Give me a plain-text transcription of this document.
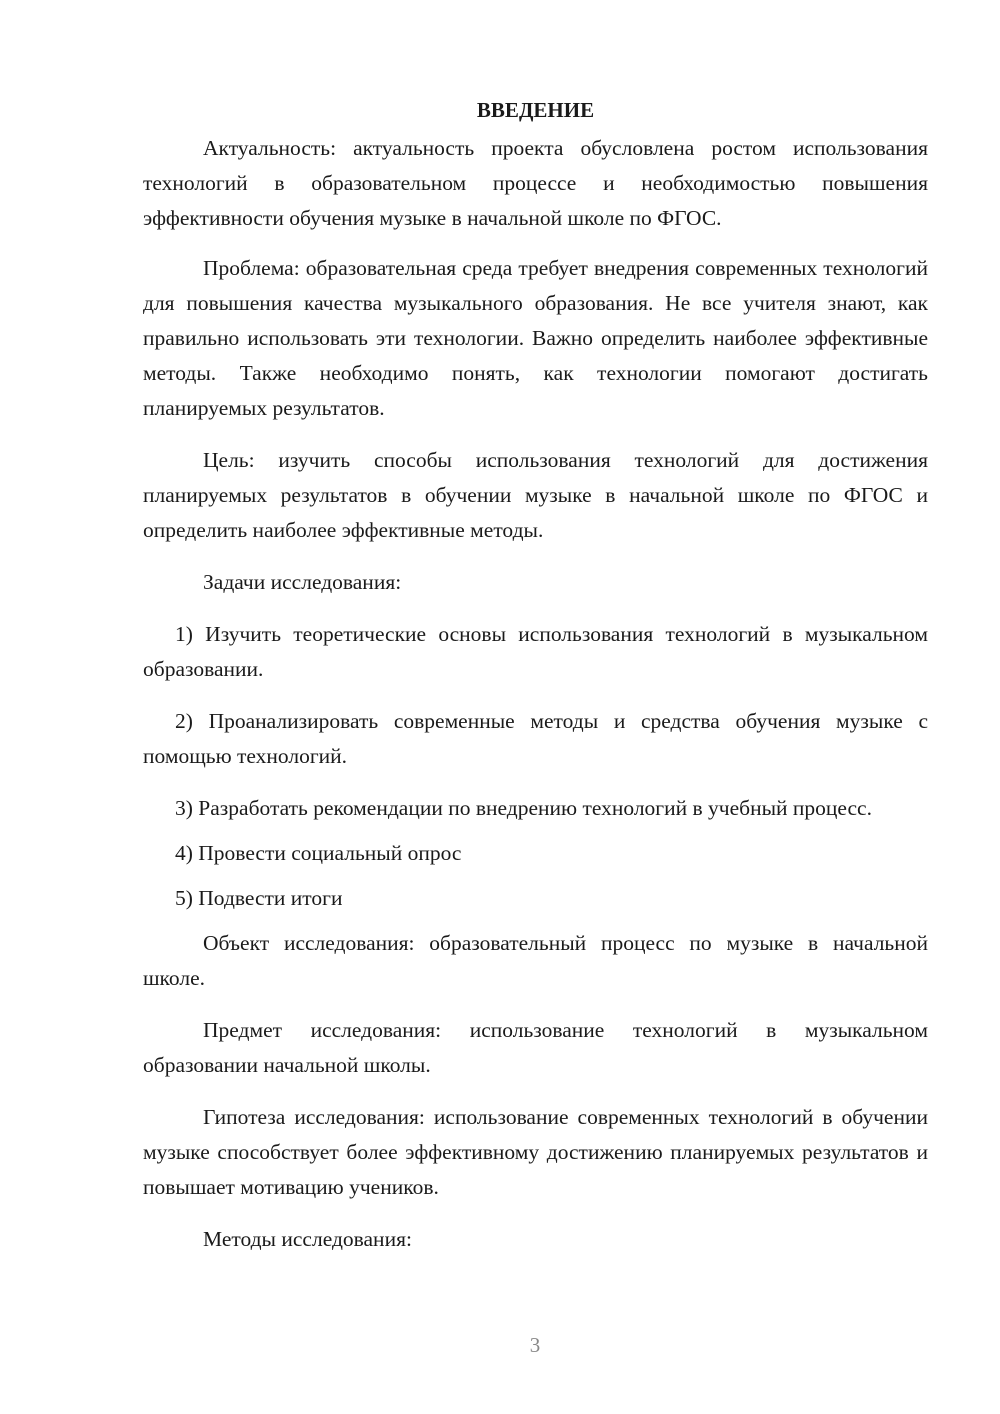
ВВЕДЕНИЕ

Актуальность: актуальность проекта обусловлена ростом использования технологий в образовательном процессе и необходимостью повышения эффективности обучения музыке в начальной школе по ФГОС.

Проблема: образовательная среда требует внедрения современных технологий для повышения качества музыкального образования. Не все учителя знают, как правильно использовать эти технологии. Важно определить наиболее эффективные методы. Также необходимо понять, как технологии помогают достигать планируемых результатов.

Цель: изучить способы использования технологий для достижения планируемых результатов в обучении музыке в начальной школе по ФГОС и определить наиболее эффективные методы.

Задачи исследования:

1) Изучить теоретические основы использования технологий в музыкальном образовании.

2) Проанализировать современные методы и средства обучения музыке с помощью технологий.

3) Разработать рекомендации по внедрению технологий в учебный процесс.

4) Провести социальный опрос

5) Подвести итоги

Объект исследования: образовательный процесс по музыке в начальной школе.

Предмет исследования: использование технологий в музыкальном образовании начальной школы.

Гипотеза исследования: использование современных технологий в обучении музыке способствует более эффективному достижению планируемых результатов и повышает мотивацию учеников.

Методы исследования:

3
